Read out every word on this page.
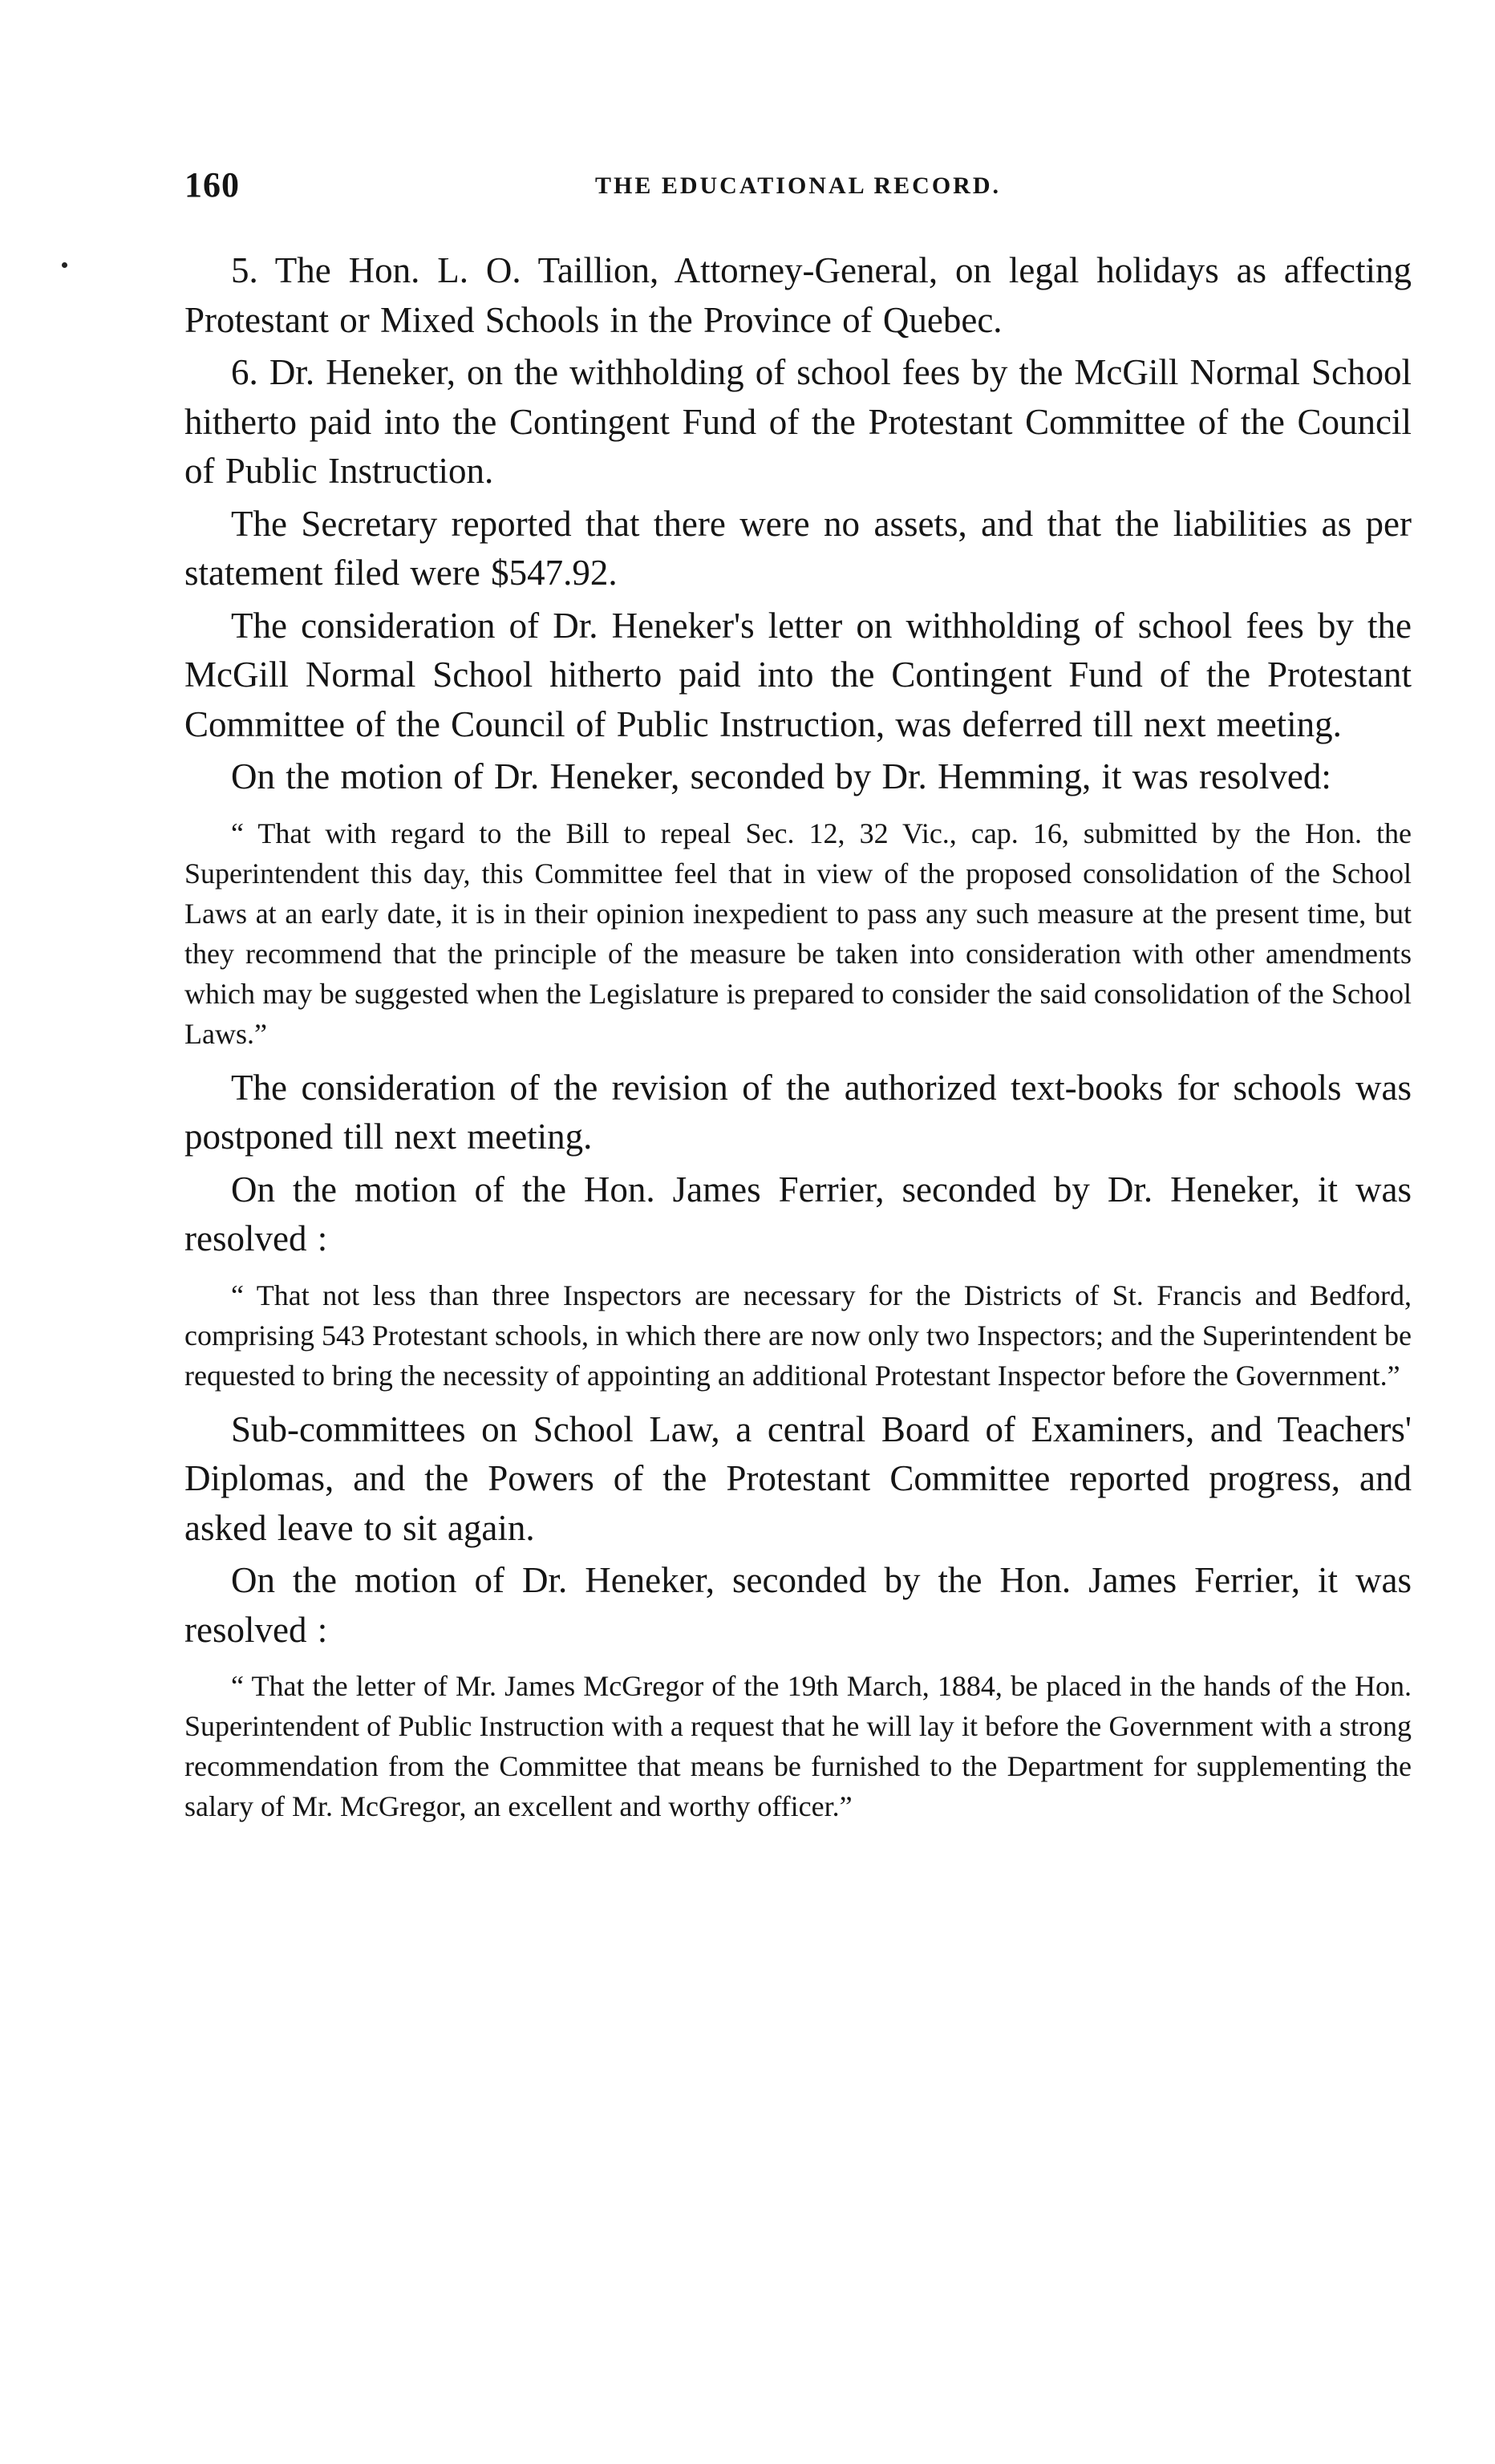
160	THE EDUCATIONAL RECORD.

5. The Hon. L. O. Taillion, Attorney-General, on legal holidays as affecting Protestant or Mixed Schools in the Province of Quebec.

6. Dr. Heneker, on the withholding of school fees by the McGill Normal School hitherto paid into the Contingent Fund of the Protestant Committee of the Council of Public Instruction.

The Secretary reported that there were no assets, and that the liabilities as per statement filed were $547.92.

The consideration of Dr. Heneker's letter on withholding of school fees by the McGill Normal School hitherto paid into the Contingent Fund of the Protestant Committee of the Council of Public Instruction, was deferred till next meeting.

On the motion of Dr. Heneker, seconded by Dr. Hemming, it was resolved:

“ That with regard to the Bill to repeal Sec. 12, 32 Vic., cap. 16, submitted by the Hon. the Superintendent this day, this Committee feel that in view of the proposed consolidation of the School Laws at an early date, it is in their opinion inexpedient to pass any such measure at the present time, but they recommend that the principle of the measure be taken into consideration with other amendments which may be suggested when the Legislature is prepared to consider the said consolidation of the School Laws.”

The consideration of the revision of the authorized text-books for schools was postponed till next meeting.

On the motion of the Hon. James Ferrier, seconded by Dr. Heneker, it was resolved :

“ That not less than three Inspectors are necessary for the Districts of St. Francis and Bedford, comprising 543 Protestant schools, in which there are now only two Inspectors; and the Superintendent be requested to bring the necessity of appointing an additional Protestant Inspector before the Government.”

Sub-committees on School Law, a central Board of Examiners, and Teachers' Diplomas, and the Powers of the Protestant Committee reported progress, and asked leave to sit again.

On the motion of Dr. Heneker, seconded by the Hon. James Ferrier, it was resolved :

“ That the letter of Mr. James McGregor of the 19th March, 1884, be placed in the hands of the Hon. Superintendent of Public Instruction with a request that he will lay it before the Government with a strong recommendation from the Committee that means be furnished to the Department for supplementing the salary of Mr. McGregor, an excellent and worthy officer.”
